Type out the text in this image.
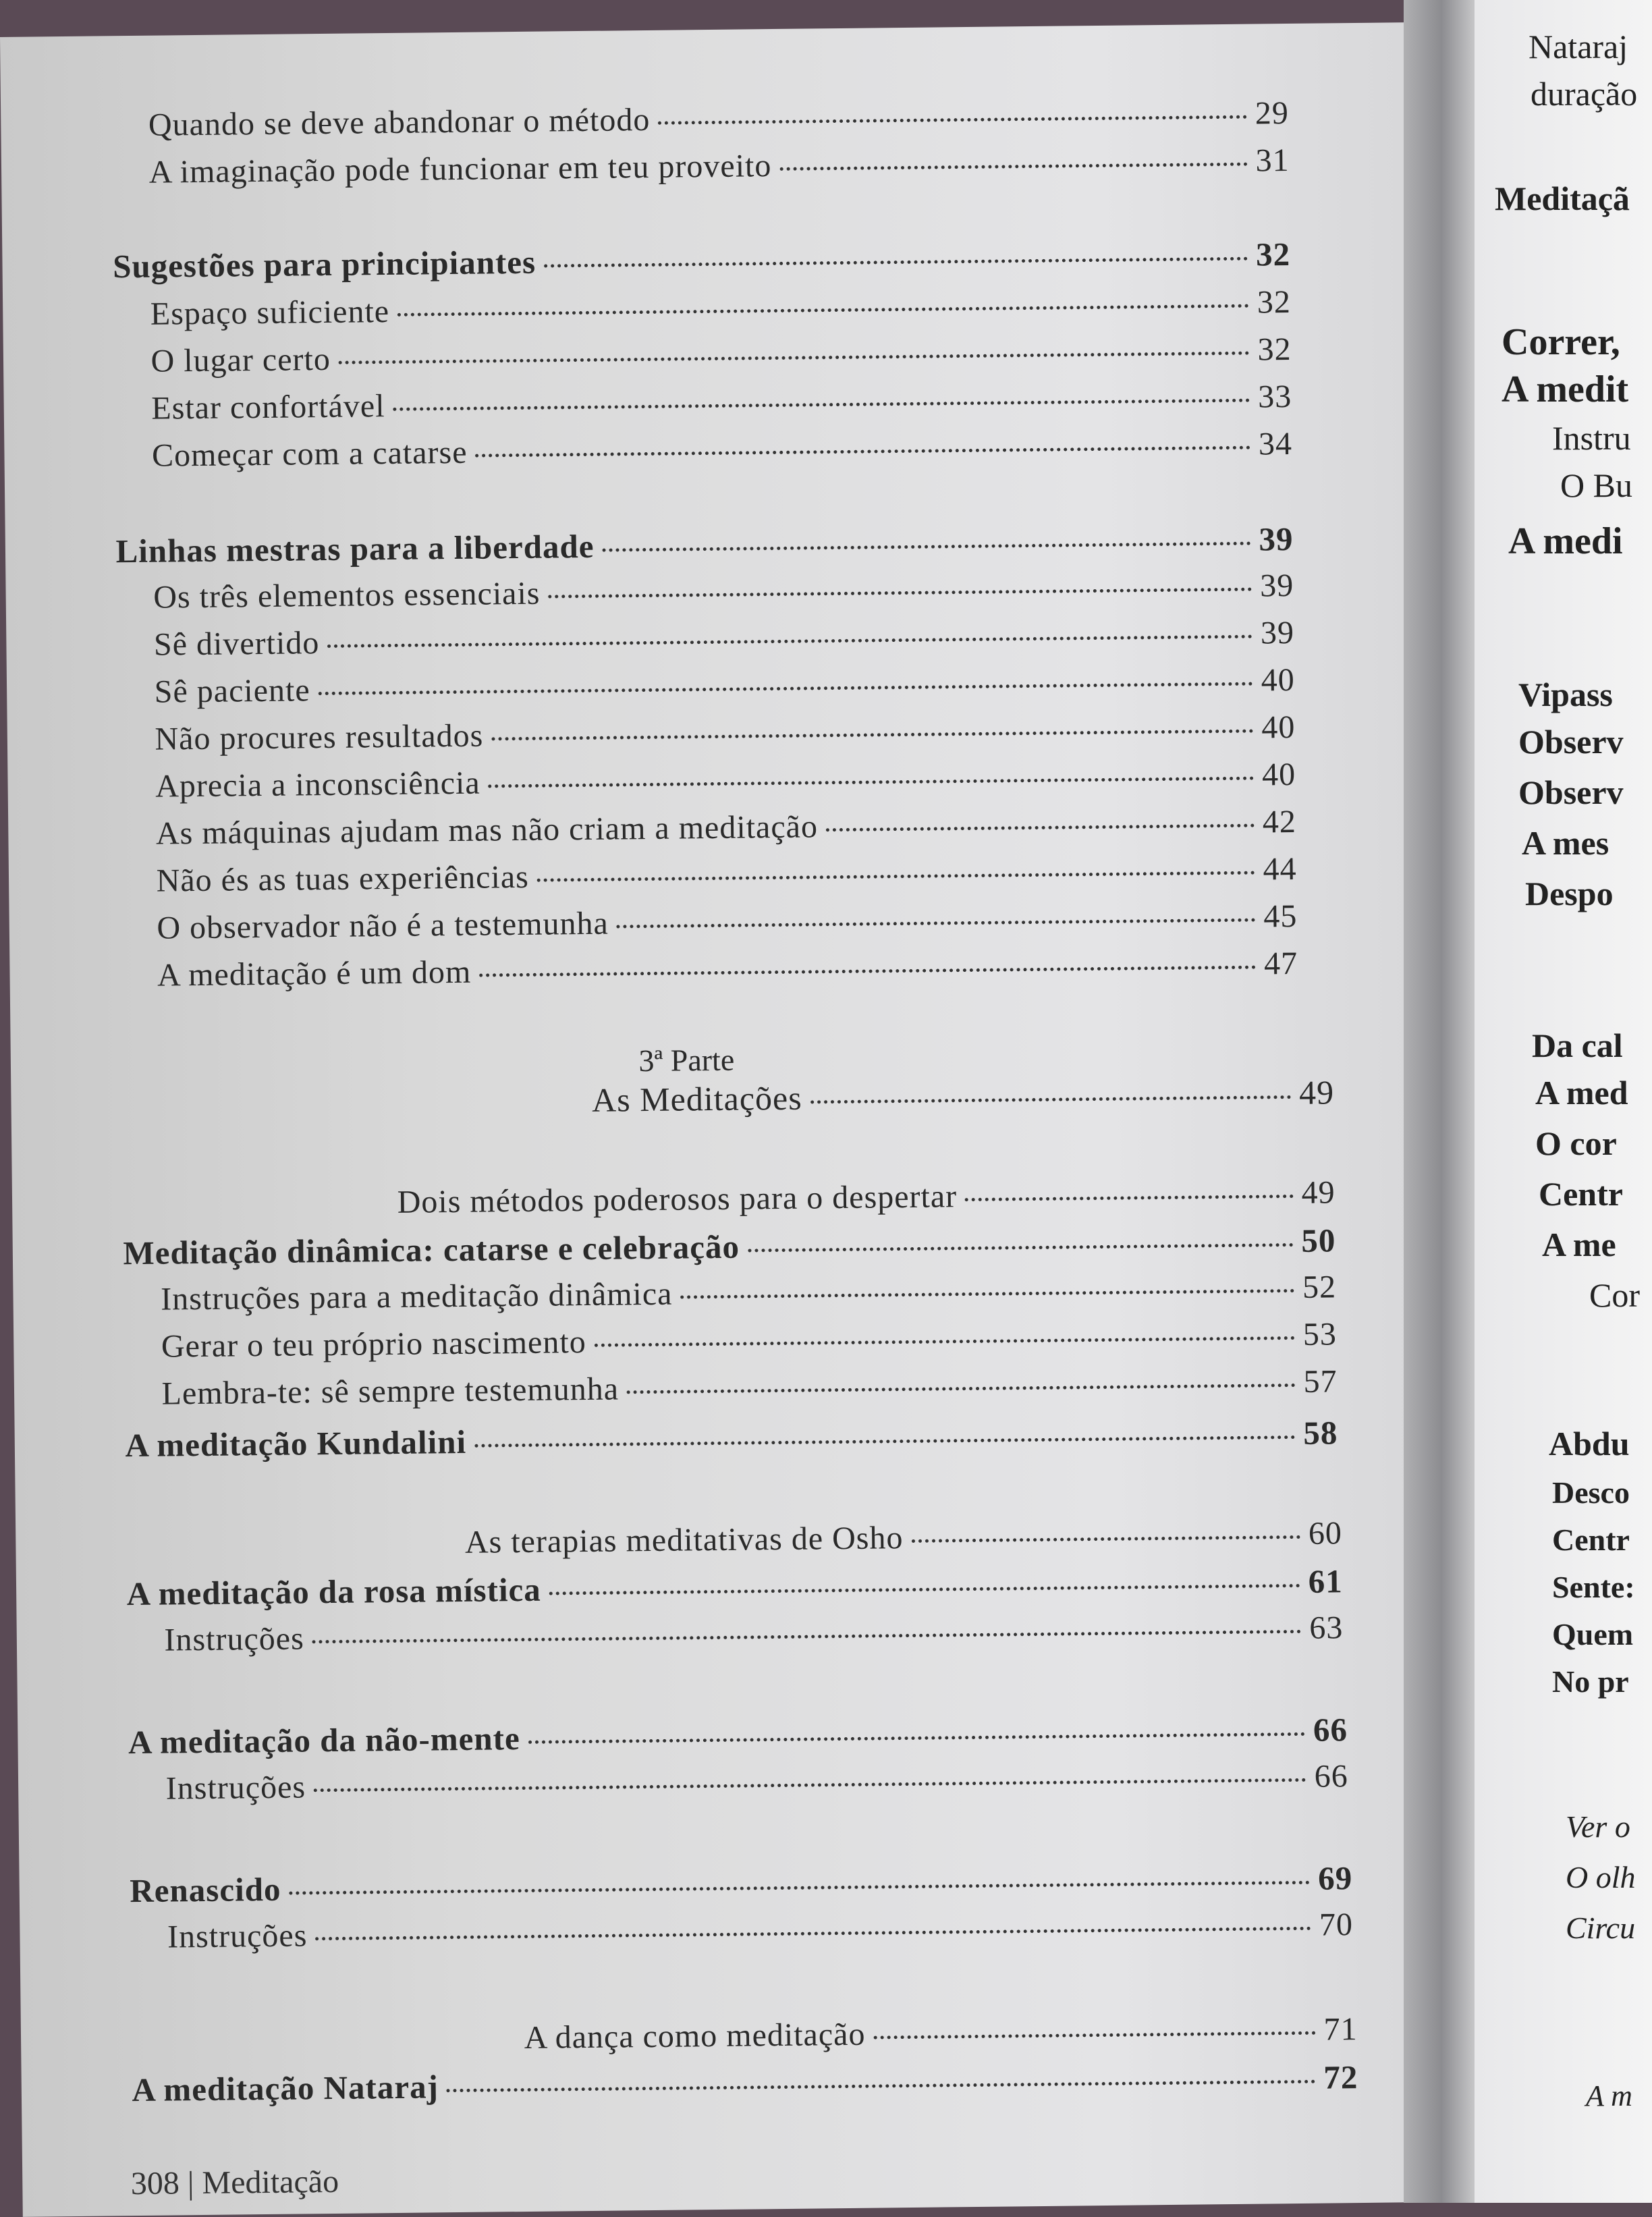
Quando se deve abandonar o método	29
A imaginação pode funcionar em teu proveito	31
Sugestões para principiantes	32
Espaço suficiente	32
O lugar certo	32
Estar confortável	33
Começar com a catarse	34
Linhas mestras para a liberdade	39
Os três elementos essenciais	39
Sê divertido	39
Sê paciente	40
Não procures resultados	40
Aprecia a inconsciência	40
As máquinas ajudam mas não criam a meditação	42
Não és as tuas experiências	44
O observador não é a testemunha	45
A meditação é um dom	47
3ª Parte
As Meditações	49
Dois métodos poderosos para o despertar	49
Meditação dinâmica: catarse e celebração	50
Instruções para a meditação dinâmica	52
Gerar o teu próprio nascimento	53
Lembra-te: sê sempre testemunha	57
A meditação Kundalini	58
As terapias meditativas de Osho	60
A meditação da rosa mística	61
Instruções	63
A meditação da não-mente	66
Instruções	66
Renascido	69
Instruções	70
A dança como meditação	71
A meditação Nataraj	72
308 | Meditação
Nataraj
duração
Meditaçã
Correr,
A medit
Instru
O Bu
A medi
Vipass
Observ
Observ
A mes
Despo
Da cal
A med
O cor
Centr
A me
Cor
Abdu
Desco
Centr
Sente:
Quem
No pr
Ver o
O olh
Circu
A m
